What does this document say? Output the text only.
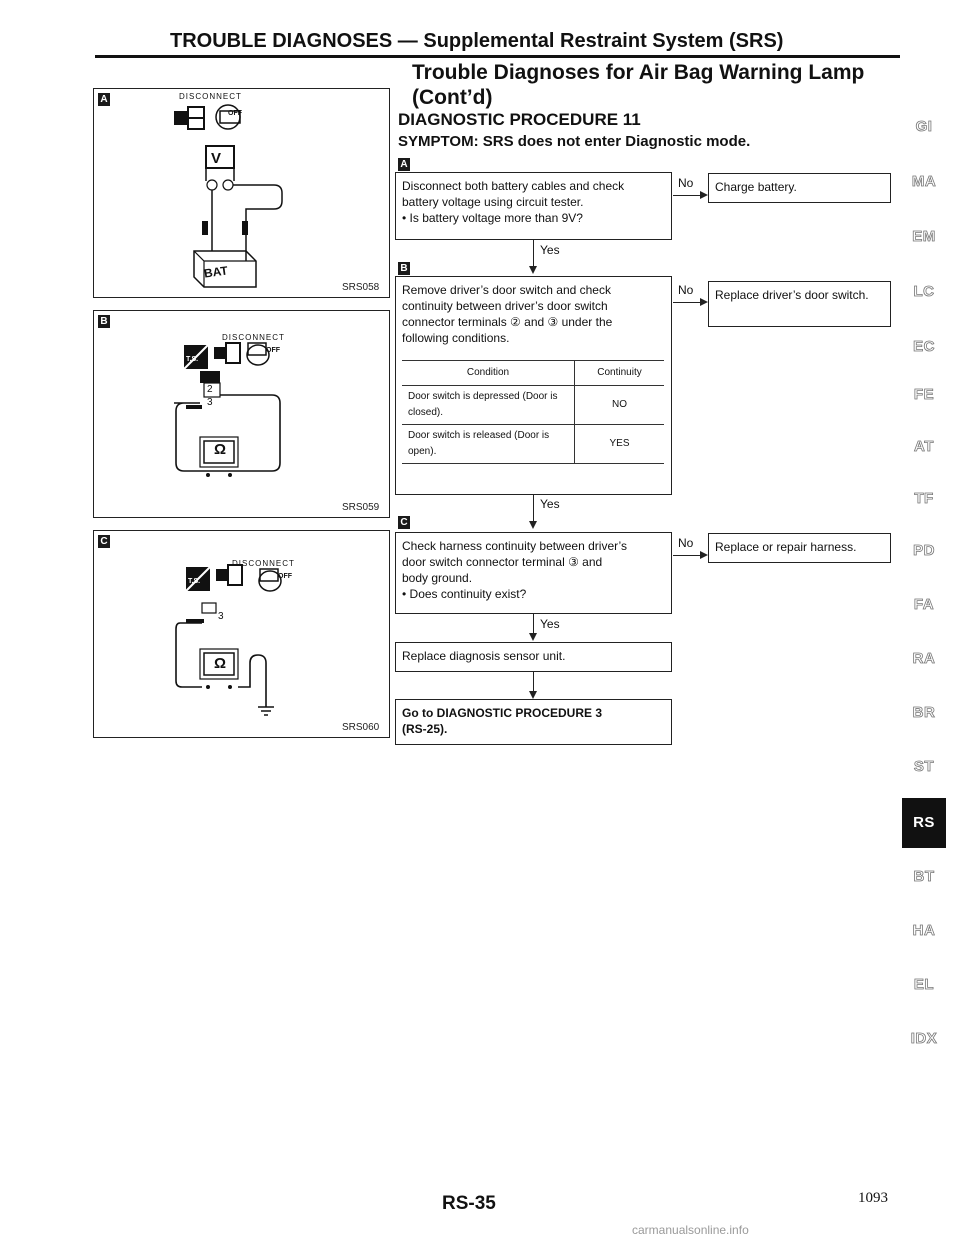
TROUBLE DIAGNOSES — Supplemental Restraint System (SRS)
Trouble Diagnoses for Air Bag Warning Lamp (Cont’d)
DIAGNOSTIC PROCEDURE 11
SYMPTOM: SRS does not enter Diagnostic mode.
A	DISCONNECT
V
OFF
BAT
SRS058
B
DISCONNECT
T.S.
OFF
2
3
Ω
SRS059
C
DISCONNECT
T.S.
OFF
3
Ω
SRS060
A
Disconnect both battery cables and check
battery voltage using circuit tester.
• Is battery voltage more than 9V?
No	Charge battery.
Yes
B
Remove driver’s door switch and check
continuity between driver’s door switch
connector terminals ② and ③ under the
following conditions.
Condition	Continuity
Door switch is depressed (Door is closed).	NO
Door switch is released (Door is open).	YES
No	Replace driver’s door switch.
Yes
C
Check harness continuity between driver’s
door switch connector terminal ③ and
body ground.
• Does continuity exist?
No	Replace or repair harness.
Yes
Replace diagnosis sensor unit.
Go to DIAGNOSTIC PROCEDURE 3
(RS-25).
GI
MA
EM
LC
EC
FE
AT
TF
PD
FA
RA
BR
ST
RS
BT
HA
EL
IDX
RS-35	1093
carmanualsonline.info
